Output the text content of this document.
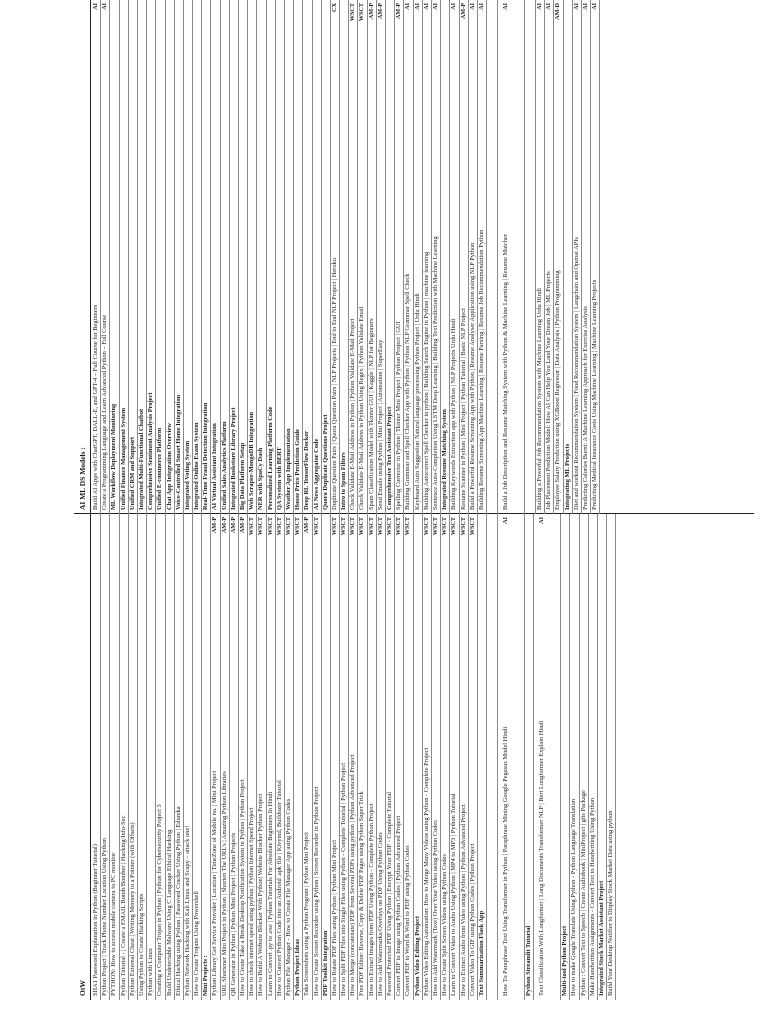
OtW SHA1 Password Explanation in Python (Beginner Tutorial) Python Project | Track Phone Number Location Using Python PYTHON: How to access mobile camera to PC monitor Python Tutorial - | Create a EMAIL Bomb/Bomber | Hacking/Info-Sec Python External Cheat | Writing Memory to a Pointer (with Offsets) Using Python to Create Hacking Scripts Python with Linux Creating a Computer Trojan in Python | Python for Cybersecurity Project 3 Build Undetectable Malware Using C Language Ethical Hacking Ethical Hacking using Python | Password Cracker Using Python | Edureka Python Network Hacking with Kali Linux and Scapy – attack one! How to Create Trojans Using Powershell Mini Projects : Python Library Get Service Provider | Location | TimeZone of Mobile no. | Mini Project
AM-P
URL Shortener Mini Project in Python | Shorten The URL's | Amazing Python Libraries
AM-P
QR Generator in Python | Python Mini Project | Python Projects
AM-P
How to Create Take a Break Desktop Notification System in Python | Python Project
AM-P
How to check internet speed using python | Python Internet Speed Project
WSCT
How to Build A Website Blocker With Python| Website Blocker Python Project
WSCT
Learn to Convert .py to .exe | Python Tutorials For Absolute Beginners In Hindi
WSCT
How to Convert Python Code into an Android .apk file | Kivymd, Buildozer Tutorial
WSCT
Python File Manager - How to Create File Manager App using Python Codes
WSCT
Python Project Ideas
WSCT
Take Screenshots using a Python Program | Python Mini Project
AM-P
How to Create Screen Recorder using Python | Screen Recorder in Python Project
WSCT
PDF Toolkit Integration How to Rotate PDF Files using Python | Python Mini Project
WSCT
How to Split PDF Files into Single Files using Python - Complete Tutorial | Python Project
WSCT
How to Merge (concatenate) PDF from Several PDFs using python | Python Advanced Project
WSCT
Free PDF Editor: Reverse, Copy & Delete PDF Pages using Python Super Trick
WSCT
How to Extract Images from PDF Using Python - Complete Python Project
WSCT
How to Add Watermarks/Overlays on PDF Using Python Codes
WSCT
Password Protected PDF Using Python | Encrypt Your PDF - Complete Tutorial
WSCT
Convert PDF to Image using Python Codes | Python Advanced Project
WSCT
Convert PDF to Word & Word to PDF using Python Codes
WSCT
Python Video Editing Project Python Video Editing Automation: How to Merge Many Videos using Python - Complete Project
WSCT
How to Add Watermark (Text) Over Your Video using Python Codes
WSCT
How to Create Split Screen Videos using Python Codes
WSCT
Learn to Convert Video to Audio Using Python | MP4 to MP3 | Python Tutorial
WSCT
How to Extract Audio from Video using Python | Python Advanced Project
WSCT
Convert Video To GIF using Python Codes | Python Project
WSCT
Text Summarization Flask App	How To Paraphrase Text Using Transformer in Python | Paraphrase Mining Google Pegasus Model Hindi
AI
Python Streamlit Tutorial Text Classification With Longformer | Long Documents Transformer NLP | Bert Longformer Explain Hindi
AI
Multi-tool Python Project How to make Google Translate Using Python - Python Language Translation Python : Convert Text to Speech | Create Audiobook | MiniProject | gtts Package Make Handwritten Assignments - Convert Text to Handwriting Using Python Integrated Stock Market Assistant Project Build Your Desktop Notifier to Display Stock Market Data using python
AI ML DS Models : Build AI Apps with ChatGPT, DALL-E, and GPT-4 – Full Course for Beginners
AI
Create a Programming Language and Learn Advanced Python – Full Course
AI
ML Workflow Deployment Monitoring Unified Finance Management System Unified CRM and Support Integrated Multi-Functional Chatbot Comprehensive Sentiment Analysis Project Unified E-commerce Platform Chat App Integration Overview Voice-Controlled Smart Home Integration Integrated Voting System Integrated Online Exam System Real-Time Fraud Detection Integration AI Virtual Assistant Integration Unified Sales Analytics Platform Integrated Bookstore Library Project Big Data Platform Setup Web Scraper-MongoDB Integration NER with SpaCy Dash Personalized Learning Platform Code QA System with BERT Weather App Implementation House Price Prediction Guide Deep RL TensorFlow Docker AI News Aggregator Code Quora Duplicate Questions Project Duplicate Question Pairs | Quora Question Pairs | NLP Projects | End to End NLP Project | Heroku
CX
Intro to Spam Filters Check Validate E-Mail Address in Python | Python Validate E-Mail Project
WSCT
Check Validate E-Mail Address in Python Using Regex | Python Validate Email
WSCT
Spam Classification Model with Tkinter GUI | Kaggle | NLP for Beginners
AM-P
Send Emails using Python | Mini Project | Automation | SuperEasy
AM-P
Comprehensive Text Assistant Project Spelling Corrector in Python | Tkinter Mini Project | Python Project | GUI
AM-P
Building Grammar and Spell Checker App with Python | Python NLP Grammar Spell Check
AI
Keyboard Auto Suggestion Natural language processing Python Project | Urdu Hindi
AI
Building Autocorrect Spell Checker in python | Building Search Engine in Python | machine learning
AI
Sentence Auto-Completion Using LSTM Deep Learning | Building Text Prediction with Machine Learning
AI
Integrated Resume Matching System Building Keywords Extraction app with Python | NLP Projects Urdu Hindi
AI
Resume Scanner in Python | Mini Project | Python Tutorial | Basic NLP Project
AM-P
Build a Powerful Resume Screening App with Python | Resume Analyser Application using NLP Python
AI
Building Resume Screening App Machine Learning | Resume Parsing | Resume Job Recommendation Python
AI
Build a Job Description and Resume Matching System with Python & Machine Learning | Resume Matcher
AI
Building a Powerful Job Recommendation System with Machine Learning Urdu Hindi
AI
Job Placement Prediction Model: How AI Can Help You Land Your Dream Job | ML Projects
AI
Employee Salary Prediction using XGBoost Regressor | Data Analysis | Python Programming
AM-D
Integrating ML Projects Diet and workout Recommendation System | Food Recommendation System | Langchain and Openai APIs
AI
Predicting Calories Burnt: A Machine Learning Approach for Exercise Analysis
AI
Predicting Medical Insurance Costs Using Machine Learning | Machine Learning Projects
AI
